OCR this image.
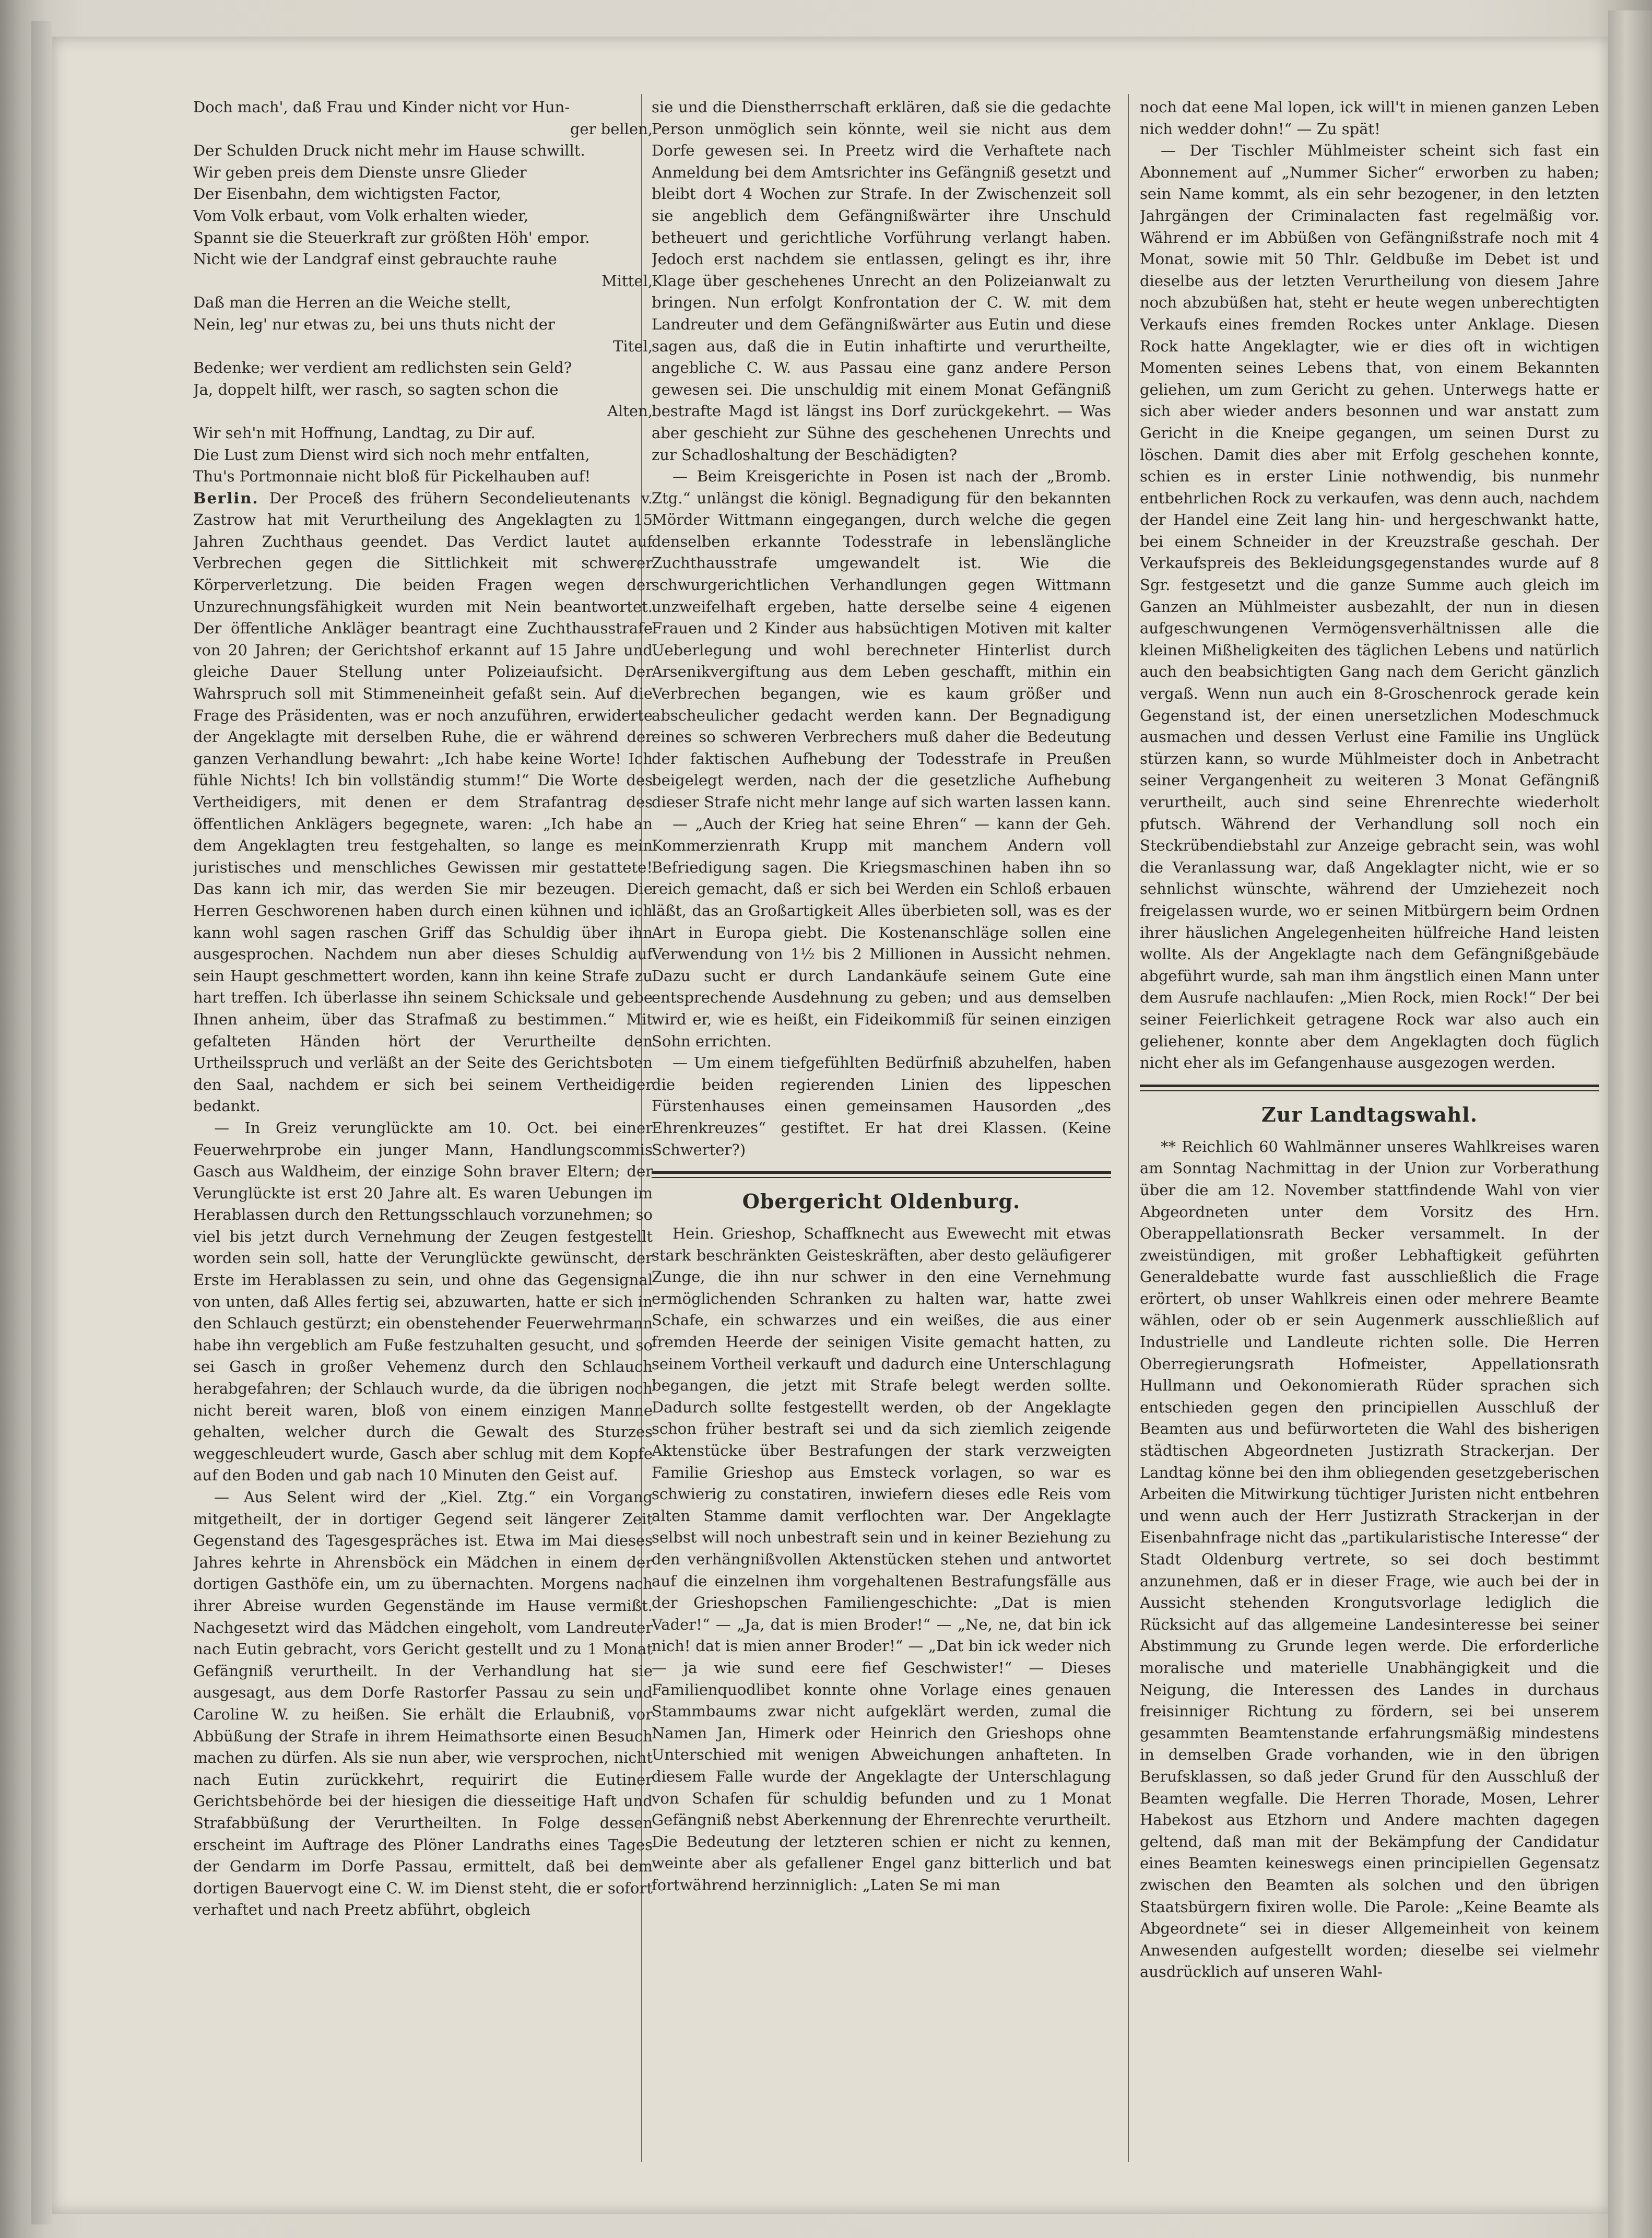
Doch mach', daß Frau und Kinder nicht vor Hun-
ger bellen,
Der Schulden Druck nicht mehr im Hause schwillt.
Wir geben preis dem Dienste unsre Glieder
Der Eisenbahn, dem wichtigsten Factor,
Vom Volk erbaut, vom Volk erhalten wieder,
Spannt sie die Steuerkraft zur größten Höh' empor.
Nicht wie der Landgraf einst gebrauchte rauhe
Mittel,
Daß man die Herren an die Weiche stellt,
Nein, leg' nur etwas zu, bei uns thuts nicht der
Titel,
Bedenke; wer verdient am redlichsten sein Geld?
Ja, doppelt hilft, wer rasch, so sagten schon die
Alten,
Wir seh'n mit Hoffnung, Landtag, zu Dir auf.
Die Lust zum Dienst wird sich noch mehr entfalten,
Thu's Portmonnaie nicht bloß für Pickelhauben auf!

Berlin. Der Proceß des frühern Secondelieutenants v. Zastrow hat mit Verurtheilung des Angeklagten zu 15 Jahren Zuchthaus geendet. Das Verdict lautet auf Verbrechen gegen die Sittlichkeit mit schwerer Körperverletzung. Die beiden Fragen wegen der Unzurechnungsfähigkeit wurden mit Nein beantwortet. Der öffentliche Ankläger beantragt eine Zuchthausstrafe von 20 Jahren; der Gerichtshof erkannt auf 15 Jahre und gleiche Dauer Stellung unter Polizeiaufsicht. Der Wahrspruch soll mit Stimmeneinheit gefaßt sein. Auf die Frage des Präsidenten, was er noch anzuführen, erwiderte der Angeklagte mit derselben Ruhe, die er während der ganzen Verhandlung bewahrt: „Ich habe keine Worte! Ich fühle Nichts! Ich bin vollständig stumm!“ Die Worte des Vertheidigers, mit denen er dem Strafantrag des öffentlichen Anklägers begegnete, waren: „Ich habe an dem Angeklagten treu festgehalten, so lange es mein juristisches und menschliches Gewissen mir gestattete! Das kann ich mir, das werden Sie mir bezeugen. Die Herren Geschworenen haben durch einen kühnen und ich kann wohl sagen raschen Griff das Schuldig über ihn ausgesprochen. Nachdem nun aber dieses Schuldig auf sein Haupt geschmettert worden, kann ihn keine Strafe zu hart treffen. Ich überlasse ihn seinem Schicksale und gebe Ihnen anheim, über das Strafmaß zu bestimmen.“ Mit gefalteten Händen hört der Verurtheilte den Urtheilsspruch und verläßt an der Seite des Gerichtsboten den Saal, nachdem er sich bei seinem Vertheidiger bedankt.

— In Greiz verunglückte am 10. Oct. bei einer Feuerwehrprobe ein junger Mann, Handlungscommis Gasch aus Waldheim, der einzige Sohn braver Eltern; der Verunglückte ist erst 20 Jahre alt. Es waren Uebungen im Herablassen durch den Rettungsschlauch vorzunehmen; so viel bis jetzt durch Vernehmung der Zeugen festgestellt worden sein soll, hatte der Verunglückte gewünscht, der Erste im Herablassen zu sein, und ohne das Gegensignal von unten, daß Alles fertig sei, abzuwarten, hatte er sich in den Schlauch gestürzt; ein obenstehender Feuerwehrmann habe ihn vergeblich am Fuße festzuhalten gesucht, und so sei Gasch in großer Vehemenz durch den Schlauch herabgefahren; der Schlauch wurde, da die übrigen noch nicht bereit waren, bloß von einem einzigen Manne gehalten, welcher durch die Gewalt des Sturzes weggeschleudert wurde, Gasch aber schlug mit dem Kopfe auf den Boden und gab nach 10 Minuten den Geist auf.

— Aus Selent wird der „Kiel. Ztg.“ ein Vorgang mitgetheilt, der in dortiger Gegend seit längerer Zeit Gegenstand des Tagesgespräches ist. Etwa im Mai dieses Jahres kehrte in Ahrensböck ein Mädchen in einem der dortigen Gasthöfe ein, um zu übernachten. Morgens nach ihrer Abreise wurden Gegenstände im Hause vermißt. Nachgesetzt wird das Mädchen eingeholt, vom Landreuter nach Eutin gebracht, vors Gericht gestellt und zu 1 Monat Gefängniß verurtheilt. In der Verhandlung hat sie ausgesagt, aus dem Dorfe Rastorfer Passau zu sein und Caroline W. zu heißen. Sie erhält die Erlaubniß, vor Abbüßung der Strafe in ihrem Heimathsorte einen Besuch machen zu dürfen. Als sie nun aber, wie versprochen, nicht nach Eutin zurückkehrt, requirirt die Eutiner Gerichtsbehörde bei der hiesigen die diesseitige Haft und Strafabbüßung der Verurtheilten. In Folge dessen erscheint im Auftrage des Plöner Landraths eines Tages der Gendarm im Dorfe Passau, ermittelt, daß bei dem dortigen Bauervogt eine C. W. im Dienst steht, die er sofort verhaftet und nach Preetz abführt, obgleich

sie und die Dienstherrschaft erklären, daß sie die gedachte Person unmöglich sein könnte, weil sie nicht aus dem Dorfe gewesen sei. In Preetz wird die Verhaftete nach Anmeldung bei dem Amtsrichter ins Gefängniß gesetzt und bleibt dort 4 Wochen zur Strafe. In der Zwischenzeit soll sie angeblich dem Gefängnißwärter ihre Unschuld betheuert und gerichtliche Vorführung verlangt haben. Jedoch erst nachdem sie entlassen, gelingt es ihr, ihre Klage über geschehenes Unrecht an den Polizeianwalt zu bringen. Nun erfolgt Konfrontation der C. W. mit dem Landreuter und dem Gefängnißwärter aus Eutin und diese sagen aus, daß die in Eutin inhaftirte und verurtheilte, angebliche C. W. aus Passau eine ganz andere Person gewesen sei. Die unschuldig mit einem Monat Gefängniß bestrafte Magd ist längst ins Dorf zurückgekehrt. — Was aber geschieht zur Sühne des geschehenen Unrechts und zur Schadloshaltung der Beschädigten?

— Beim Kreisgerichte in Posen ist nach der „Bromb. Ztg.“ unlängst die königl. Begnadigung für den bekannten Mörder Wittmann eingegangen, durch welche die gegen denselben erkannte Todesstrafe in lebenslängliche Zuchthausstrafe umgewandelt ist. Wie die schwurgerichtlichen Verhandlungen gegen Wittmann unzweifelhaft ergeben, hatte derselbe seine 4 eigenen Frauen und 2 Kinder aus habsüchtigen Motiven mit kalter Ueberlegung und wohl berechneter Hinterlist durch Arsenikvergiftung aus dem Leben geschafft, mithin ein Verbrechen begangen, wie es kaum größer und abscheulicher gedacht werden kann. Der Begnadigung eines so schweren Verbrechers muß daher die Bedeutung der faktischen Aufhebung der Todesstrafe in Preußen beigelegt werden, nach der die gesetzliche Aufhebung dieser Strafe nicht mehr lange auf sich warten lassen kann.

— „Auch der Krieg hat seine Ehren“ — kann der Geh. Kommerzienrath Krupp mit manchem Andern voll Befriedigung sagen. Die Kriegsmaschinen haben ihn so reich gemacht, daß er sich bei Werden ein Schloß erbauen läßt, das an Großartigkeit Alles überbieten soll, was es der Art in Europa giebt. Die Kostenanschläge sollen eine Verwendung von 1½ bis 2 Millionen in Aussicht nehmen. Dazu sucht er durch Landankäufe seinem Gute eine entsprechende Ausdehnung zu geben; und aus demselben wird er, wie es heißt, ein Fideikommiß für seinen einzigen Sohn errichten.

— Um einem tiefgefühlten Bedürfniß abzuhelfen, haben die beiden regierenden Linien des lippeschen Fürstenhauses einen gemeinsamen Hausorden „des Ehrenkreuzes“ gestiftet. Er hat drei Klassen. (Keine Schwerter?)

Obergericht Oldenburg.

Hein. Grieshop, Schaffknecht aus Ewewecht mit etwas stark beschränkten Geisteskräften, aber desto geläufigerer Zunge, die ihn nur schwer in den eine Vernehmung ermöglichenden Schranken zu halten war, hatte zwei Schafe, ein schwarzes und ein weißes, die aus einer fremden Heerde der seinigen Visite gemacht hatten, zu seinem Vortheil verkauft und dadurch eine Unterschlagung begangen, die jetzt mit Strafe belegt werden sollte. Dadurch sollte festgestellt werden, ob der Angeklagte schon früher bestraft sei und da sich ziemlich zeigende Aktenstücke über Bestrafungen der stark verzweigten Familie Grieshop aus Emsteck vorlagen, so war es schwierig zu constatiren, inwiefern dieses edle Reis vom alten Stamme damit verflochten war. Der Angeklagte selbst will noch unbestraft sein und in keiner Beziehung zu den verhängnißvollen Aktenstücken stehen und antwortet auf die einzelnen ihm vorgehaltenen Bestrafungsfälle aus der Grieshopschen Familiengeschichte: „Dat is mien Vader!“ — „Ja, dat is mien Broder!“ — „Ne, ne, dat bin ick nich! dat is mien anner Broder!“ — „Dat bin ick weder nich — ja wie sund eere fief Geschwister!“ — Dieses Familienquodlibet konnte ohne Vorlage eines genauen Stammbaums zwar nicht aufgeklärt werden, zumal die Namen Jan, Himerk oder Heinrich den Grieshops ohne Unterschied mit wenigen Abweichungen anhafteten. In diesem Falle wurde der Angeklagte der Unterschlagung von Schafen für schuldig befunden und zu 1 Monat Gefängniß nebst Aberkennung der Ehrenrechte verurtheilt. Die Bedeutung der letzteren schien er nicht zu kennen, weinte aber als gefallener Engel ganz bitterlich und bat fortwährend herzinniglich: „Laten Se mi man

noch dat eene Mal lopen, ick will't in mienen ganzen Leben nich wedder dohn!“ — Zu spät!

— Der Tischler Mühlmeister scheint sich fast ein Abonnement auf „Nummer Sicher“ erworben zu haben; sein Name kommt, als ein sehr bezogener, in den letzten Jahrgängen der Criminalacten fast regelmäßig vor. Während er im Abbüßen von Gefängnißstrafe noch mit 4 Monat, sowie mit 50 Thlr. Geldbuße im Debet ist und dieselbe aus der letzten Verurtheilung von diesem Jahre noch abzubüßen hat, steht er heute wegen unberechtigten Verkaufs eines fremden Rockes unter Anklage. Diesen Rock hatte Angeklagter, wie er dies oft in wichtigen Momenten seines Lebens that, von einem Bekannten geliehen, um zum Gericht zu gehen. Unterwegs hatte er sich aber wieder anders besonnen und war anstatt zum Gericht in die Kneipe gegangen, um seinen Durst zu löschen. Damit dies aber mit Erfolg geschehen konnte, schien es in erster Linie nothwendig, bis nunmehr entbehrlichen Rock zu verkaufen, was denn auch, nachdem der Handel eine Zeit lang hin- und hergeschwankt hatte, bei einem Schneider in der Kreuzstraße geschah. Der Verkaufspreis des Bekleidungsgegenstandes wurde auf 8 Sgr. festgesetzt und die ganze Summe auch gleich im Ganzen an Mühlmeister ausbezahlt, der nun in diesen aufgeschwungenen Vermögensverhältnissen alle die kleinen Mißheligkeiten des täglichen Lebens und natürlich auch den beabsichtigten Gang nach dem Gericht gänzlich vergaß. Wenn nun auch ein 8-Groschenrock gerade kein Gegenstand ist, der einen unersetzlichen Modeschmuck ausmachen und dessen Verlust eine Familie ins Unglück stürzen kann, so wurde Mühlmeister doch in Anbetracht seiner Vergangenheit zu weiteren 3 Monat Gefängniß verurtheilt, auch sind seine Ehrenrechte wiederholt pfutsch. Während der Verhandlung soll noch ein Steckrübendiebstahl zur Anzeige gebracht sein, was wohl die Veranlassung war, daß Angeklagter nicht, wie er so sehnlichst wünschte, während der Umziehezeit noch freigelassen wurde, wo er seinen Mitbürgern beim Ordnen ihrer häuslichen Angelegenheiten hülfreiche Hand leisten wollte. Als der Angeklagte nach dem Gefängnißgebäude abgeführt wurde, sah man ihm ängstlich einen Mann unter dem Ausrufe nachlaufen: „Mien Rock, mien Rock!“ Der bei seiner Feierlichkeit getragene Rock war also auch ein geliehener, konnte aber dem Angeklagten doch füglich nicht eher als im Gefangenhause ausgezogen werden.

Zur Landtagswahl.

** Reichlich 60 Wahlmänner unseres Wahlkreises waren am Sonntag Nachmittag in der Union zur Vorberathung über die am 12. November stattfindende Wahl von vier Abgeordneten unter dem Vorsitz des Hrn. Oberappellationsrath Becker versammelt. In der zweistündigen, mit großer Lebhaftigkeit geführten Generaldebatte wurde fast ausschließlich die Frage erörtert, ob unser Wahlkreis einen oder mehrere Beamte wählen, oder ob er sein Augenmerk ausschließlich auf Industrielle und Landleute richten solle. Die Herren Oberregierungsrath Hofmeister, Appellationsrath Hullmann und Oekonomierath Rüder sprachen sich entschieden gegen den principiellen Ausschluß der Beamten aus und befürworteten die Wahl des bisherigen städtischen Abgeordneten Justizrath Strackerjan. Der Landtag könne bei den ihm obliegenden gesetzgeberischen Arbeiten die Mitwirkung tüchtiger Juristen nicht entbehren und wenn auch der Herr Justizrath Strackerjan in der Eisenbahnfrage nicht das „partikularistische Interesse“ der Stadt Oldenburg vertrete, so sei doch bestimmt anzunehmen, daß er in dieser Frage, wie auch bei der in Aussicht stehenden Krongutsvorlage lediglich die Rücksicht auf das allgemeine Landesinteresse bei seiner Abstimmung zu Grunde legen werde. Die erforderliche moralische und materielle Unabhängigkeit und die Neigung, die Interessen des Landes in durchaus freisinniger Richtung zu fördern, sei bei unserem gesammten Beamtenstande erfahrungsmäßig mindestens in demselben Grade vorhanden, wie in den übrigen Berufsklassen, so daß jeder Grund für den Ausschluß der Beamten wegfalle. Die Herren Thorade, Mosen, Lehrer Habekost aus Etzhorn und Andere machten dagegen geltend, daß man mit der Bekämpfung der Candidatur eines Beamten keineswegs einen principiellen Gegensatz zwischen den Beamten als solchen und den übrigen Staatsbürgern fixiren wolle. Die Parole: „Keine Beamte als Abgeordnete“ sei in dieser Allgemeinheit von keinem Anwesenden aufgestellt worden; dieselbe sei vielmehr ausdrücklich auf unseren Wahl-
